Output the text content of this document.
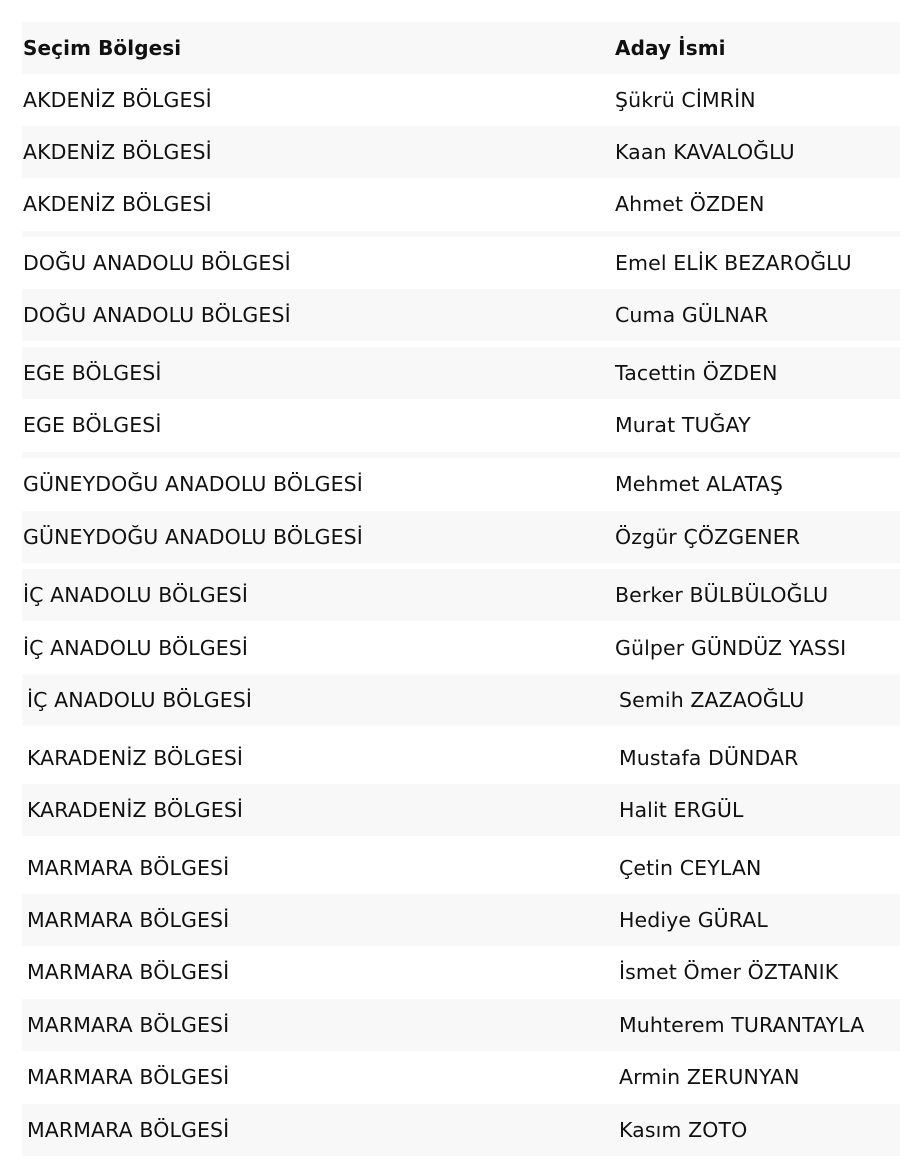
Seçim Bölgesi	Aday İsmi
AKDENİZ BÖLGESİ	Şükrü CİMRİN
AKDENİZ BÖLGESİ	Kaan KAVALOĞLU
AKDENİZ BÖLGESİ	Ahmet ÖZDEN
DOĞU ANADOLU BÖLGESİ	Emel ELİK BEZAROĞLU
DOĞU ANADOLU BÖLGESİ	Cuma GÜLNAR
EGE BÖLGESİ	Tacettin ÖZDEN
EGE BÖLGESİ	Murat TUĞAY
GÜNEYDOĞU ANADOLU BÖLGESİ	Mehmet ALATAŞ
GÜNEYDOĞU ANADOLU BÖLGESİ	Özgür ÇÖZGENER
İÇ ANADOLU BÖLGESİ	Berker BÜLBÜLOĞLU
İÇ ANADOLU BÖLGESİ	Gülper GÜNDÜZ YASSI
İÇ ANADOLU BÖLGESİ	Semih ZAZAOĞLU
KARADENİZ BÖLGESİ	Mustafa DÜNDAR
KARADENİZ BÖLGESİ	Halit ERGÜL
MARMARA BÖLGESİ	Çetin CEYLAN
MARMARA BÖLGESİ	Hediye GÜRAL
MARMARA BÖLGESİ	İsmet Ömer ÖZTANIK
MARMARA BÖLGESİ	Muhterem TURANTAYLA
MARMARA BÖLGESİ	Armin ZERUNYAN
MARMARA BÖLGESİ	Kasım ZOTO
